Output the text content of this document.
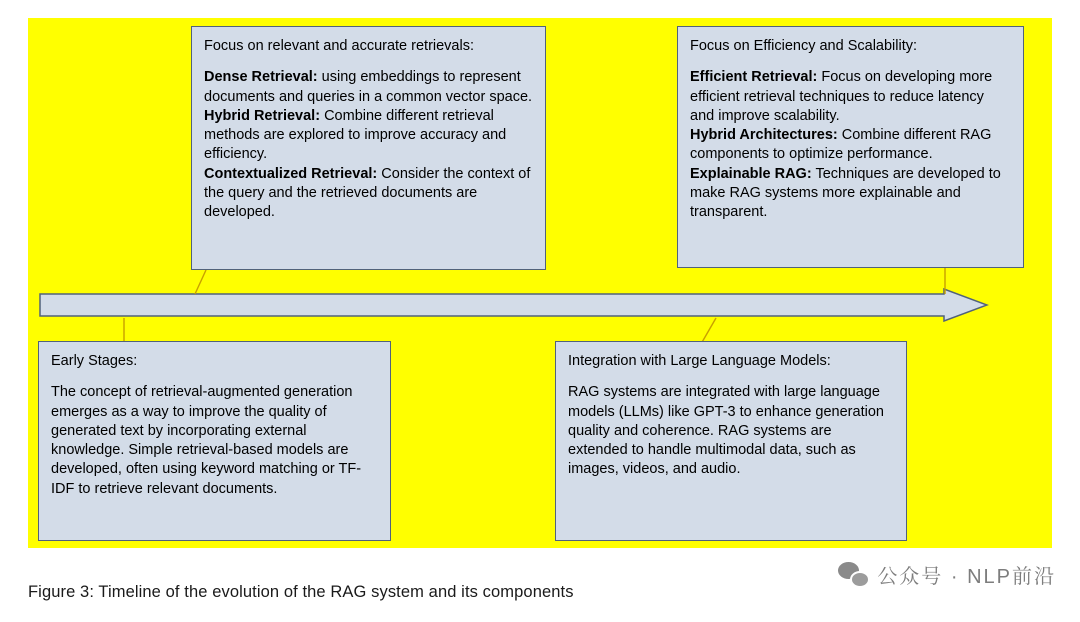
Focus on relevant and accurate retrievals:

Dense Retrieval: using embeddings to represent documents and queries in a common vector space.

Hybrid Retrieval: Combine different retrieval methods are explored to improve accuracy and efficiency.

Contextualized Retrieval: Consider the context of the query and the retrieved documents are developed.

Focus on Efficiency and Scalability:

Efficient Retrieval: Focus on developing more efficient retrieval techniques to reduce latency and improve scalability.

Hybrid Architectures: Combine different RAG components to optimize performance.

Explainable RAG: Techniques are developed to make RAG systems more explainable and transparent.

Early Stages:

The concept of retrieval-augmented generation emerges as a way to improve the quality of generated text by incorporating external knowledge. Simple retrieval-based models are developed, often using keyword matching or TF-IDF to retrieve relevant documents.

Integration with Large Language Models:

RAG systems are integrated with large language models (LLMs) like GPT-3 to enhance generation quality and coherence. RAG systems are extended to handle multimodal data, such as images, videos, and audio.

Figure 3: Timeline of the evolution of the RAG system and its components
公众号 · NLP前沿
